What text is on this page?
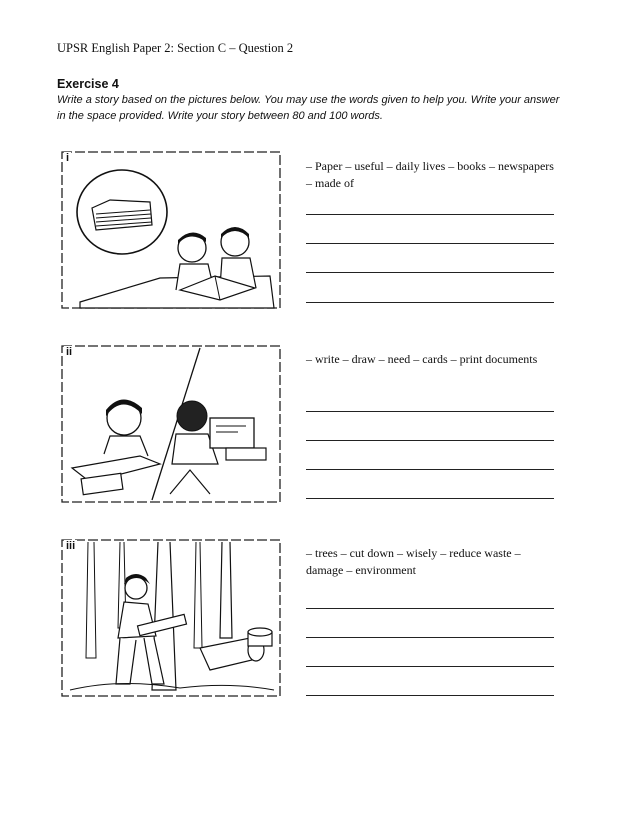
UPSR English Paper 2: Section C – Question 2
Exercise 4
Write a story based on the pictures below. You may use the words given to help you. Write your answer in the space provided. Write your story between 80 and 100 words.
i
– Paper – useful – daily lives – books – newspapers – made of
ii	– write – draw – need – cards – print documents
iii	– trees – cut down – wisely – reduce waste – damage – environment
